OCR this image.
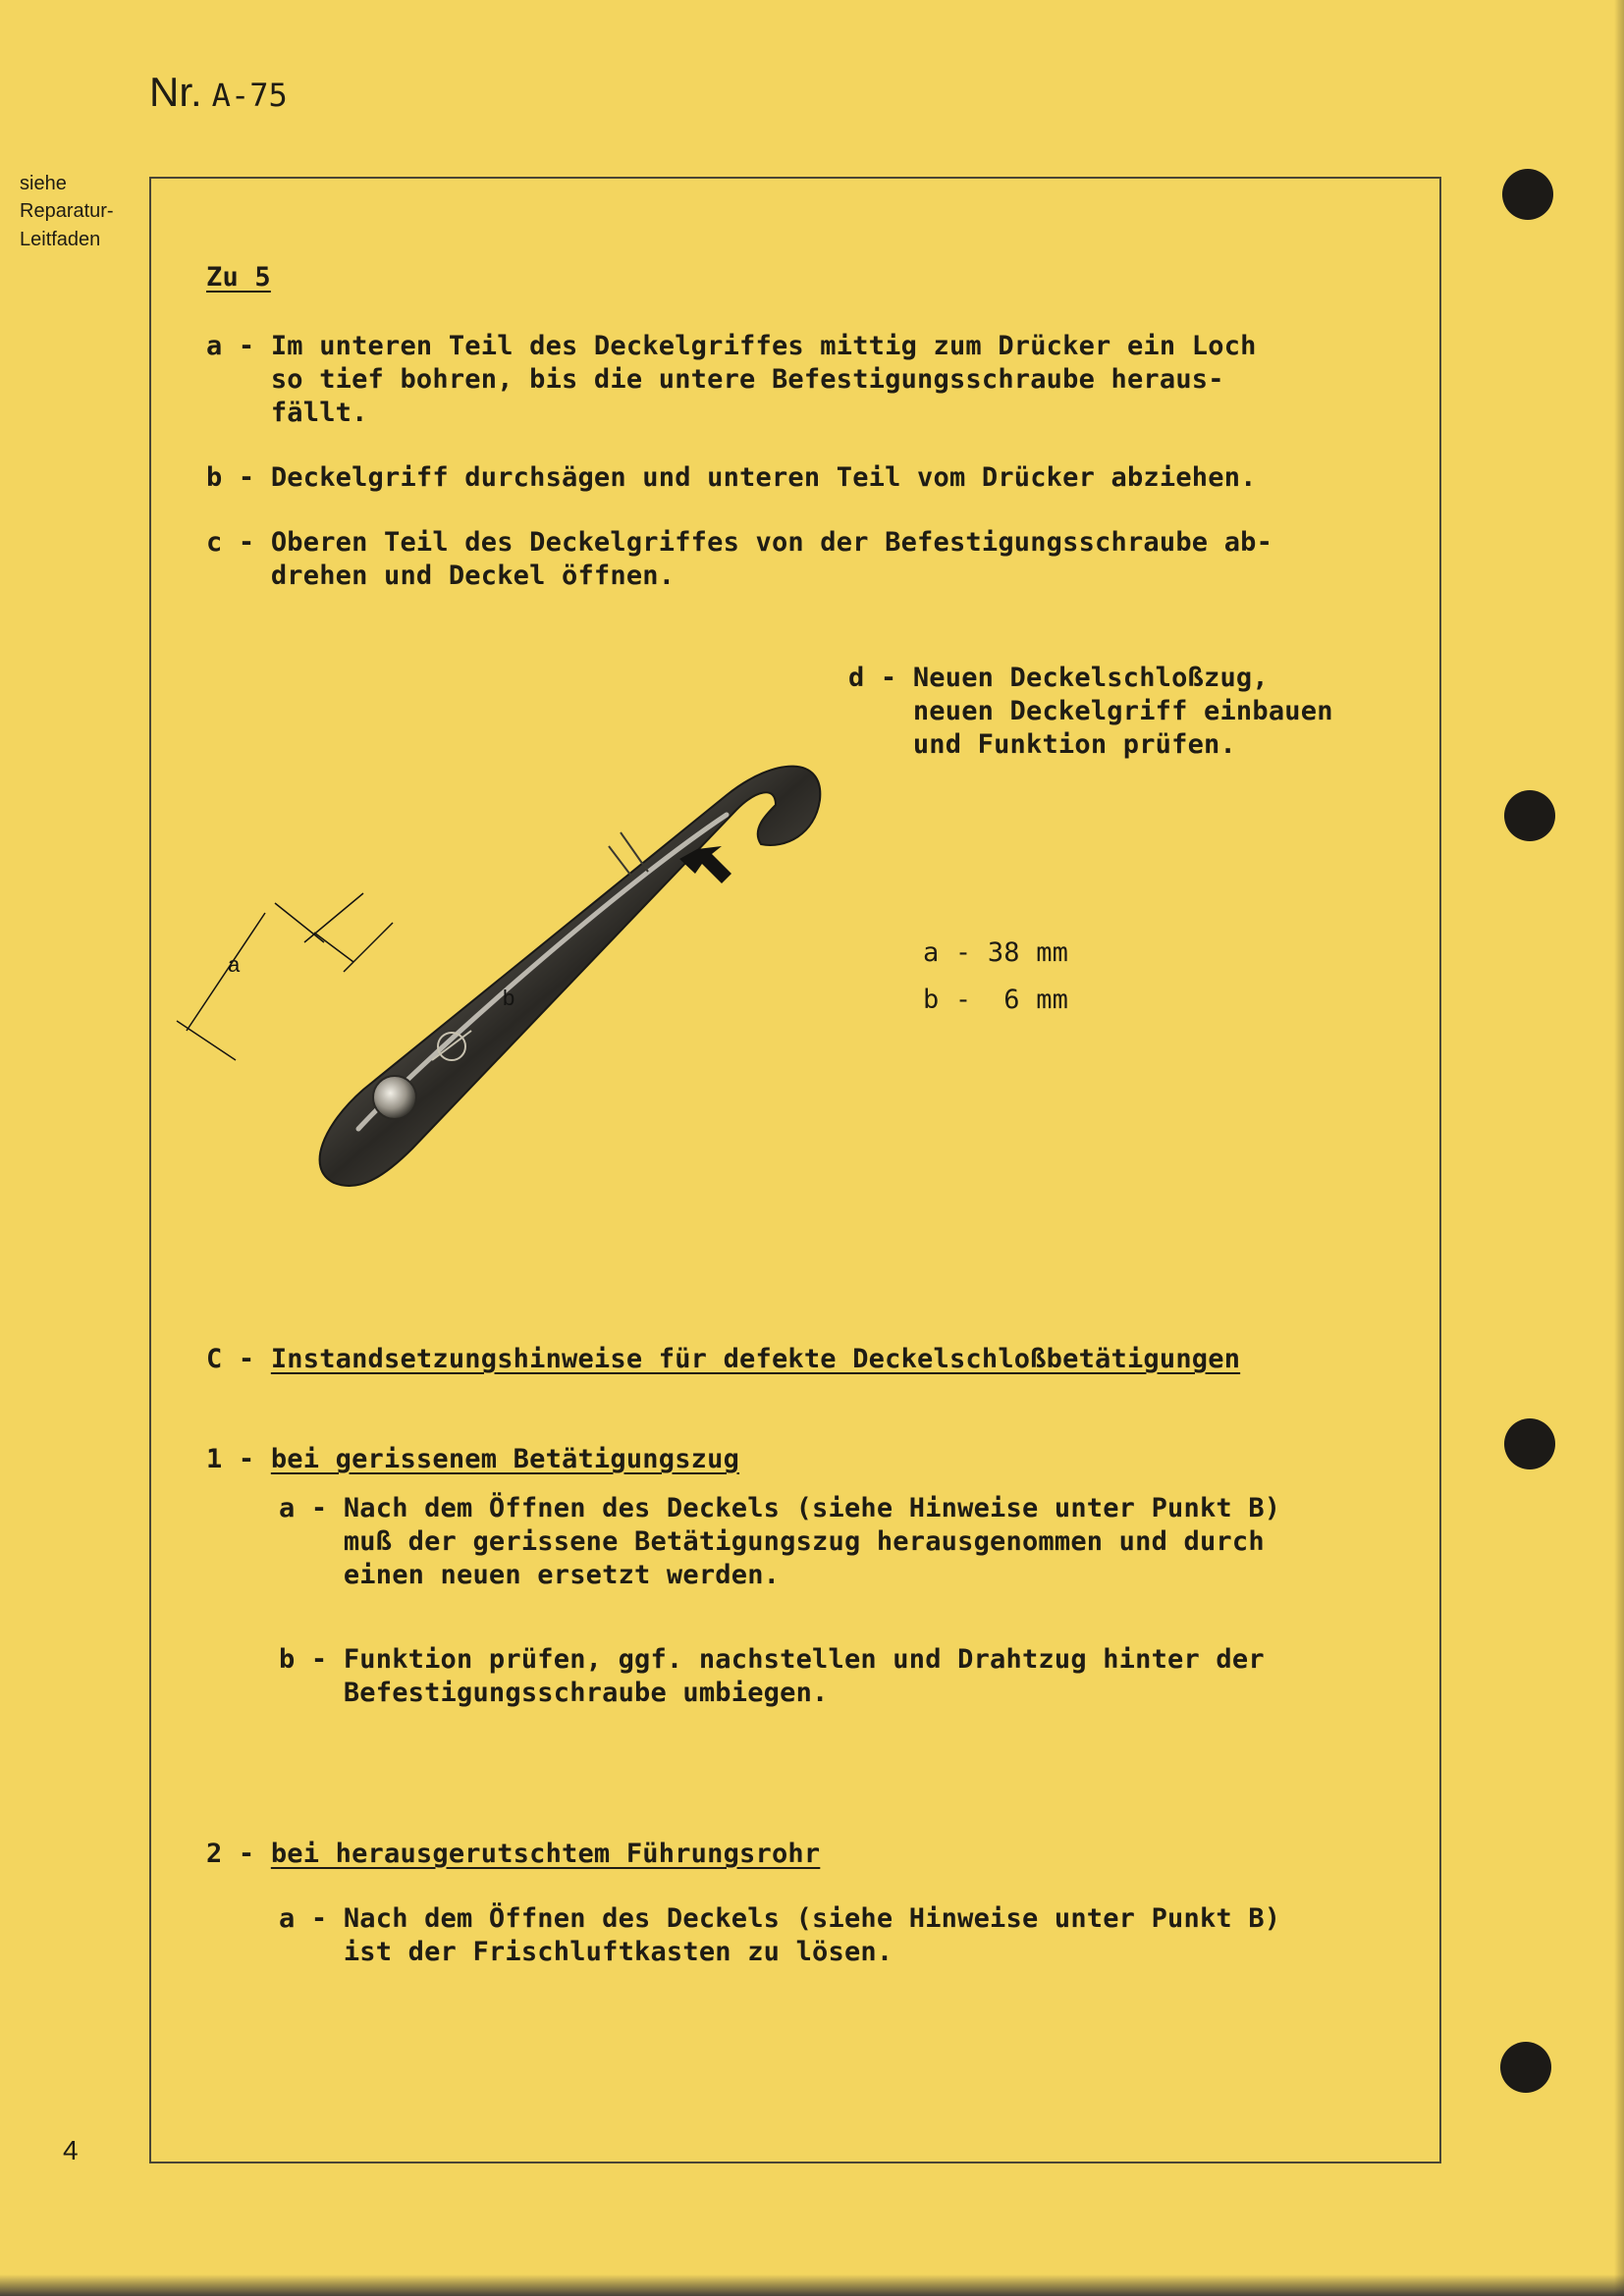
Nr. A-75
siehe
Reparatur-
Leitfaden
Zu 5
a - Im unteren Teil des Deckelgriffes mittig zum Drücker ein Loch
so tief bohren, bis die untere Befestigungsschraube heraus-
fällt.
b - Deckelgriff durchsägen und unteren Teil vom Drücker abziehen.
c - Oberen Teil des Deckelgriffes von der Befestigungsschraube ab-
drehen und Deckel öffnen.
d - Neuen Deckelschloßzug,
neuen Deckelgriff einbauen
und Funktion prüfen.
a
b
a - 38 mm
b -  6 mm
C - Instandsetzungshinweise für defekte Deckelschloßbetätigungen
1 - bei gerissenem Betätigungszug
a - Nach dem Öffnen des Deckels (siehe Hinweise unter Punkt B)
muß der gerissene Betätigungszug herausgenommen und durch
einen neuen ersetzt werden.
b - Funktion prüfen, ggf. nachstellen und Drahtzug hinter der
Befestigungsschraube umbiegen.
2 - bei herausgerutschtem Führungsrohr
a - Nach dem Öffnen des Deckels (siehe Hinweise unter Punkt B)
ist der Frischluftkasten zu lösen.
4
